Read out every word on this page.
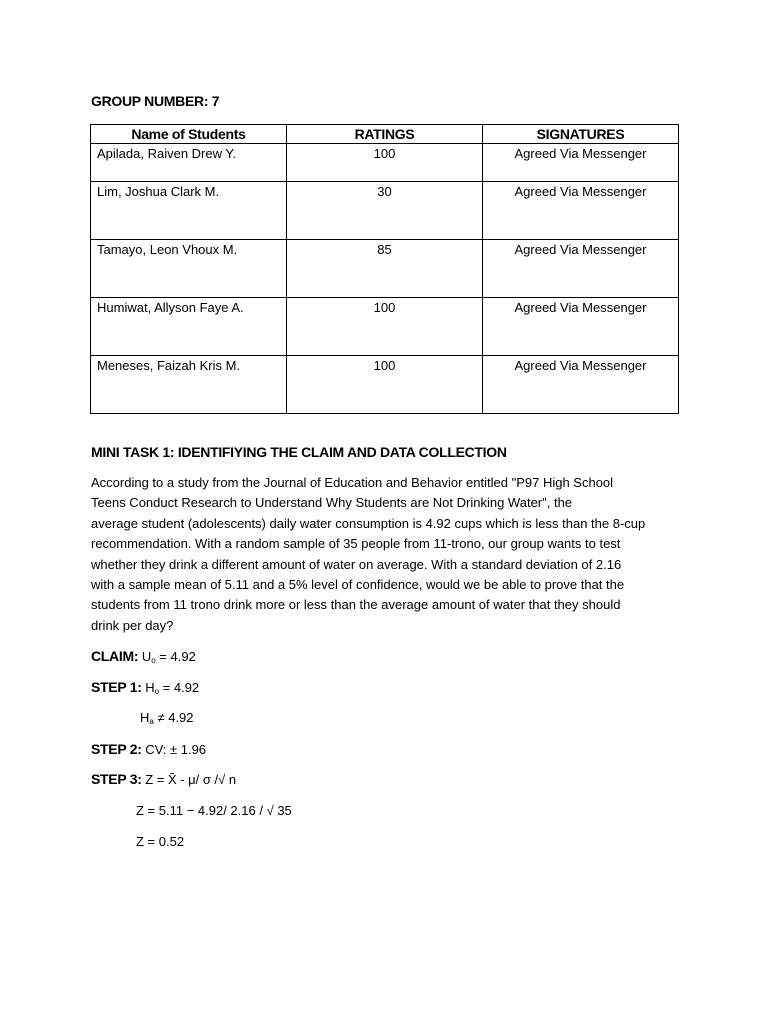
GROUP NUMBER: 7
Name of Students	RATINGS	SIGNATURES
Apilada, Raiven Drew Y.	100	Agreed Via Messenger
Lim, Joshua Clark M.	30	Agreed Via Messenger
Tamayo, Leon Vhoux M.	85	Agreed Via Messenger
Humiwat, Allyson Faye A.	100	Agreed Via Messenger
Meneses, Faizah Kris M.	100	Agreed Via Messenger
MINI TASK 1: IDENTIFIYING THE CLAIM AND DATA COLLECTION
According to a study from the Journal of Education and Behavior entitled "P97 High School
Teens Conduct Research to Understand Why Students are Not Drinking Water", the
average student (adolescents) daily water consumption is 4.92 cups which is less than the 8-cup
recommendation. With a random sample of 35 people from 11-trono, our group wants to test
whether they drink a different amount of water on average. With a standard deviation of 2.16
with a sample mean of 5.11 and a 5% level of confidence, would we be able to prove that the
students from 11 trono drink more or less than the average amount of water that they should
drink per day?
CLAIM: $U_o = 4.92$
STEP 1: $H_o = 4.92$
$H_a \ne 4.92$
STEP 2: CV: ± 1.96
STEP 3: Z = X̄ - μ/ σ /√ n
Z = 5.11 − 4.92/ 2.16 / √ 35
Z = 0.52
